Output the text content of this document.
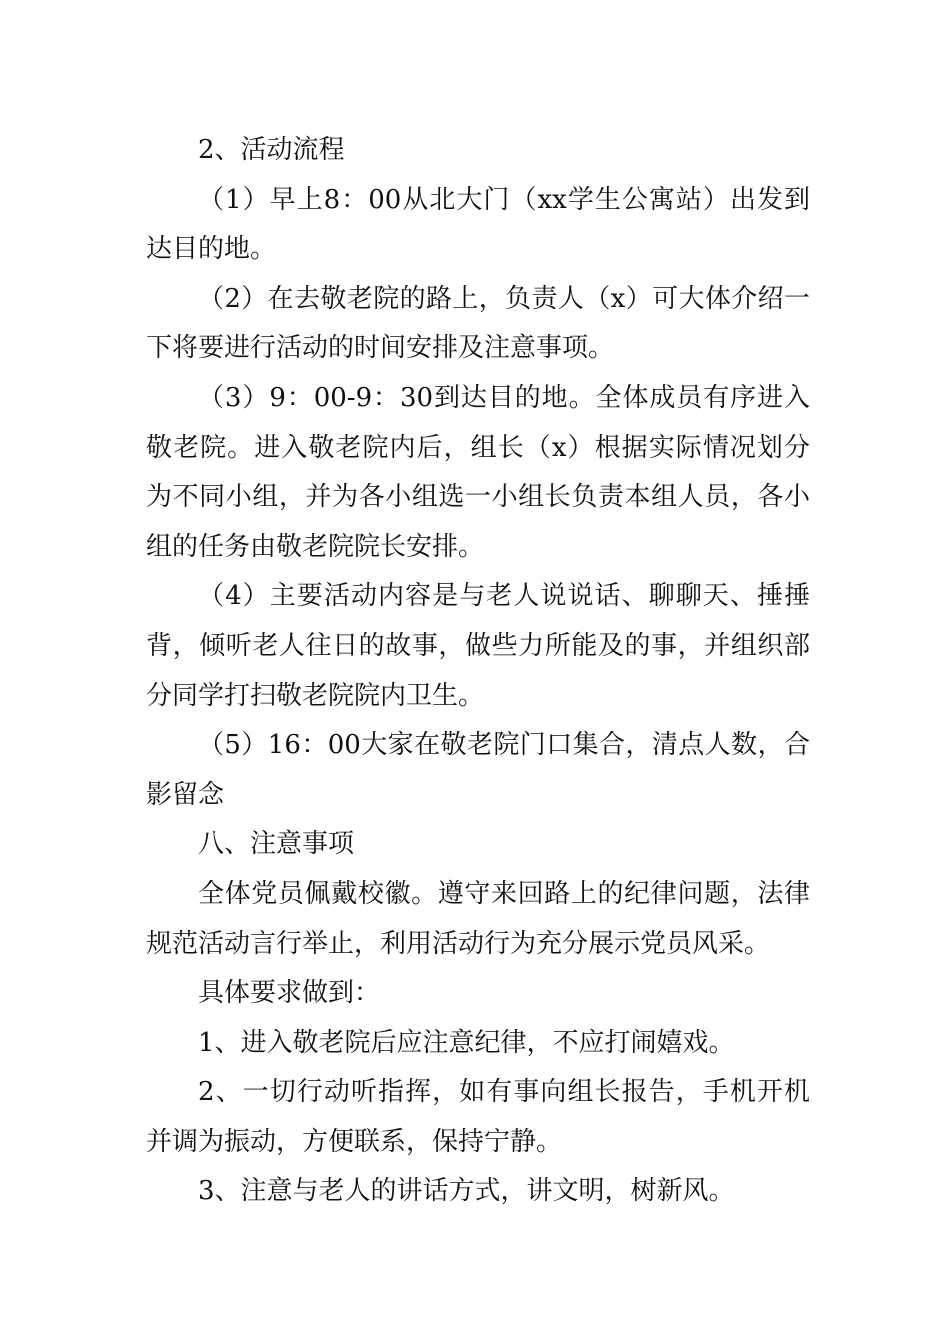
2、活动流程

（1）早上8：00从北大门（xx学生公寓站）出发到达目的地。

（2）在去敬老院的路上，负责人（x）可大体介绍一下将要进行活动的时间安排及注意事项。

（3）9：00-9：30到达目的地。全体成员有序进入敬老院。进入敬老院内后，组长（x）根据实际情况划分为不同小组，并为各小组选一小组长负责本组人员，各小组的任务由敬老院院长安排。

（4）主要活动内容是与老人说说话、聊聊天、捶捶背，倾听老人往日的故事，做些力所能及的事，并组织部分同学打扫敬老院院内卫生。

（5）16：00大家在敬老院门口集合，清点人数，合影留念

八、注意事项

全体党员佩戴校徽。遵守来回路上的纪律问题，法律规范活动言行举止，利用活动行为充分展示党员风采。

具体要求做到：

1、进入敬老院后应注意纪律，不应打闹嬉戏。

2、一切行动听指挥，如有事向组长报告，手机开机并调为振动，方便联系，保持宁静。

3、注意与老人的讲话方式，讲文明，树新风。
